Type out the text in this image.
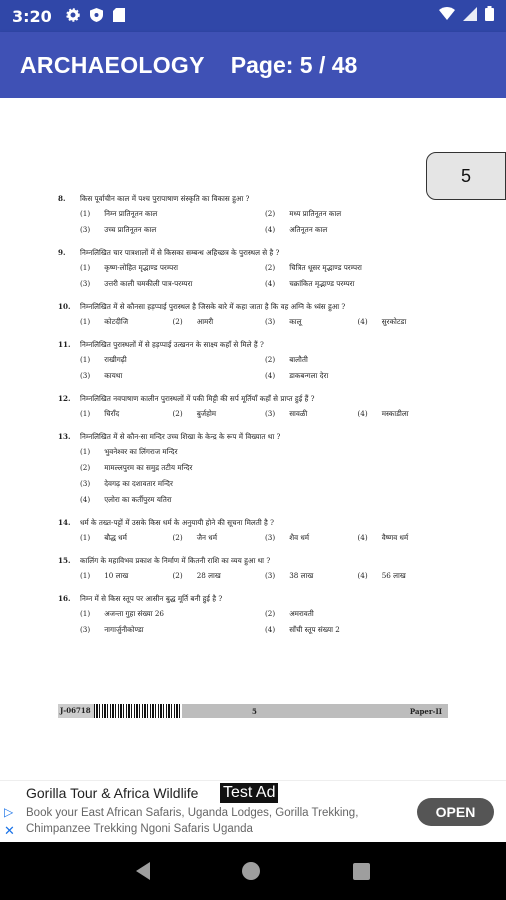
3:20
ARCHAEOLOGY Page: 5 / 48
5
8.	किस पूर्वाचीन काल में पश्च पुरापाषाण संस्कृति का विकास हुआ ?
(1) निम्न प्रातिनूतन काल	(2) मध्य प्रातिनूतन काल
(3) उच्च प्रातिनूतन काल	(4) अतिनूतन काल
9.	निम्नलिखित चार पात्रशालों में से किसका सम्बन्ध अहिच्छत्र के पुरास्थल से है ?
(1) कृष्ण-लोहित मृद्भाण्ड परम्परा	(2) चित्रित धूसर मृद्भाण्ड परम्परा
(3) उत्तरी काली चमकीली पात्र-परम्परा	(4) चक्रांकित मृद्भाण्ड परम्परा
10.	निम्नलिखित में से कौनसा हड़प्पाई पुरास्थल है जिसके बारे में कहा जाता है कि वह अग्नि के ध्वंस हुआ ?
(1) कोटदीजि	(2) आमरी	(3) कालू	(4) सुरकोटडा
11.	निम्नलिखित पुरास्थलों में से हड़प्पाई उत्खनन के साक्ष्य कहाँ से मिले हैं ?
(1) राखीगढ़ी	(2) बालौती
(3) कायथा	(4) डाकबन्गला देरा
12.	निम्नलिखित नवपाषाण कालीन पुरास्थलों में पकी मिट्टी की सर्प मूर्तियाँ कहाँ से प्राप्त हुई हैं ?
(1) चिराँद	(2) बुर्जहोम	(3) सावळी	(4) मस्काडीला
13.	निम्नलिखित में से कौन-सा मन्दिर उच्च शिखा के केन्द्र के रूप में विख्यात था ?
(1) भुवनेश्वर का लिंगराज मन्दिर
(2) मामल्लपुरम का समुद्र तटीय मन्दिर
(3) देवगढ़ का दशावतार मन्दिर
(4) एलोरा का कर्तीपुरम यतिरा
14.	धर्म के तख्त-पट्टों में उसके किस धर्म के अनुयायी होने की सूचना मिलती है ?
(1) बौद्ध धर्म	(2) जैन धर्म	(3) शैव धर्म	(4) वैष्णव धर्म
15.	कालिंग के महाविभव प्रकाश के निर्माण में कितनी राशि का व्यय हुआ था ?
(1) 10 लाख	(2) 28 लाख	(3) 38 लाख	(4) 56 लाख
16.	निम्न में से किस स्तूप पर आसीन बुद्ध मूर्ति बनी हुई है ?
(1) अजन्ता गुहा संख्या 26	(2) अमरावती
(3) नागार्जुनीकोण्डा	(4) साँची स्तूप संख्या 2
J-06718	5	Paper-II
▷
✕
Gorilla Tour & Africa Wildlife Test Ad
Book your East African Safaris, Uganda Lodges, Gorilla Trekking, Chimpanzee Trekking Ngoni Safaris Uganda
OPEN
